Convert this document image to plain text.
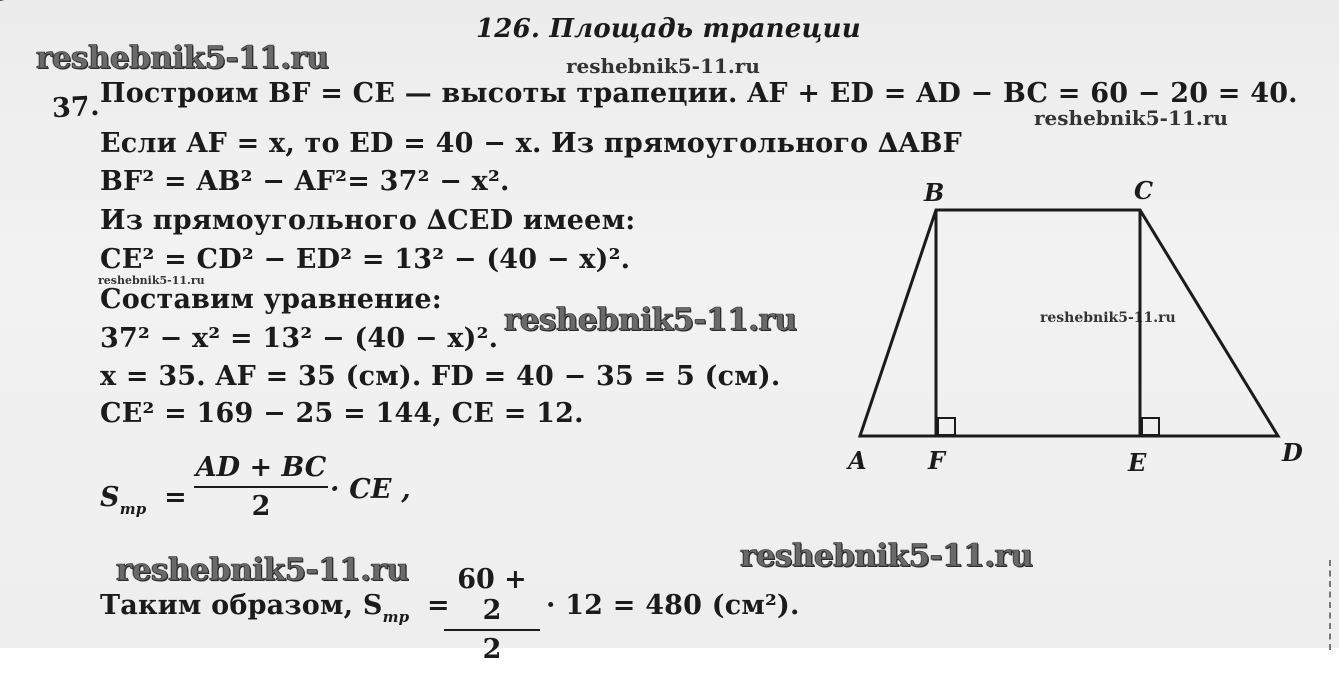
126. Площадь трапеции
reshebnik5-11.ru	reshebnik5-11.ru
reshebnik5-11.ru
reshebnik5-11.ru
reshebnik5-11.ru	reshebnik5-11.ru
reshebnik5-11.ru	reshebnik5-11.ru
37. Построим BF = CE — высоты трапеции. AF + ED = AD − BC = 60 − 20 = 40.
Если AF = x, то ED = 40 − x. Из прямоугольного ∆ABF
BF² = AB² − AF²= 37² − x².
Из прямоугольного ∆CED имеем:
CE² = CD² − ED² = 13² − (40 − x)².
Составим уравнение:
37² − x² = 13² − (40 − x)².
x = 35. AF = 35 (см). FD = 40 − 35 = 5 (см).
CE² = 169 − 25 = 144, CE = 12.
$S_{тр}$ =
AD + BC
2
· CE ,
Таким образом, $S_{тр}$ =
60 + 2
2
· 12 = 480 (см²).
B	C
A	F	E	D
